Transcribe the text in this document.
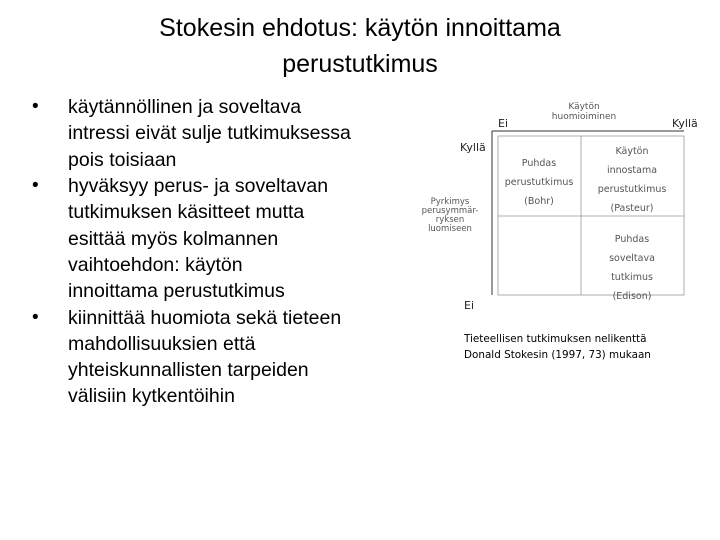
Stokesin ehdotus: käytön innoittama
perustutkimus
• käytännöllinen ja soveltava
intressi eivät sulje tutkimuksessa
pois toisiaan
• hyväksyy perus- ja soveltavan
tutkimuksen käsitteet mutta
esittää myös kolmannen
vaihtoehdon: käytön
innoittama perustutkimus
• kiinnittää huomiota sekä tieteen
mahdollisuuksien että
yhteiskunnallisten tarpeiden
välisiin kytkentöihin
Käytön
huomioiminen
Ei	Kyllä
Kyllä
Pyrkimys
perusymmär-
ryksen
luomiseen
Ei
Puhdas
perustutkimus
(Bohr)
Käytön
innostama
perustutkimus
(Pasteur)
Puhdas
soveltava
tutkimus
(Edison)
Tieteellisen tutkimuksen nelikenttä
Donald Stokesin (1997, 73) mukaan
